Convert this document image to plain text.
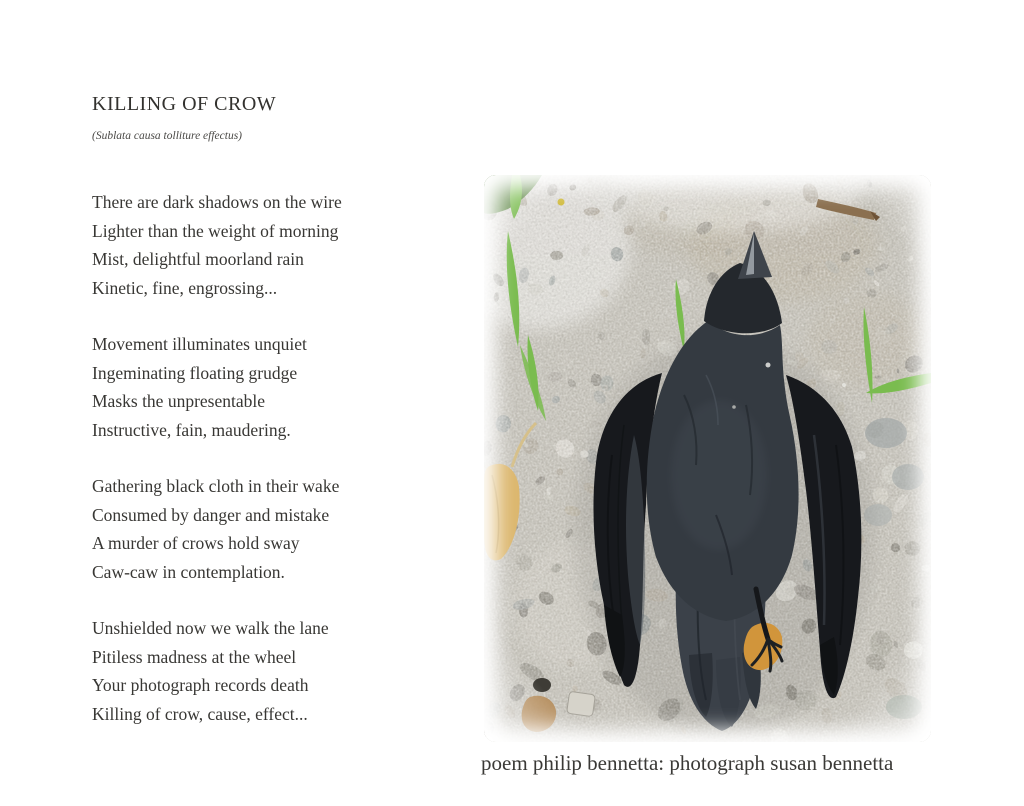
KILLING OF CROW
(Sublata causa tolliture effectus)
There are dark shadows on the wire
Lighter than the weight of morning
Mist, delightful moorland rain
Kinetic, fine, engrossing...
Movement illuminates unquiet
Ingeminating floating grudge
Masks the unpresentable
Instructive, fain, maudering.
Gathering black cloth in their wake
Consumed by danger and mistake
A murder of crows hold sway
Caw-caw in contemplation.
Unshielded now we walk the lane
Pitiless madness at the wheel
Your photograph records death
Killing of crow, cause, effect...
poem philip bennetta: photograph susan bennetta
